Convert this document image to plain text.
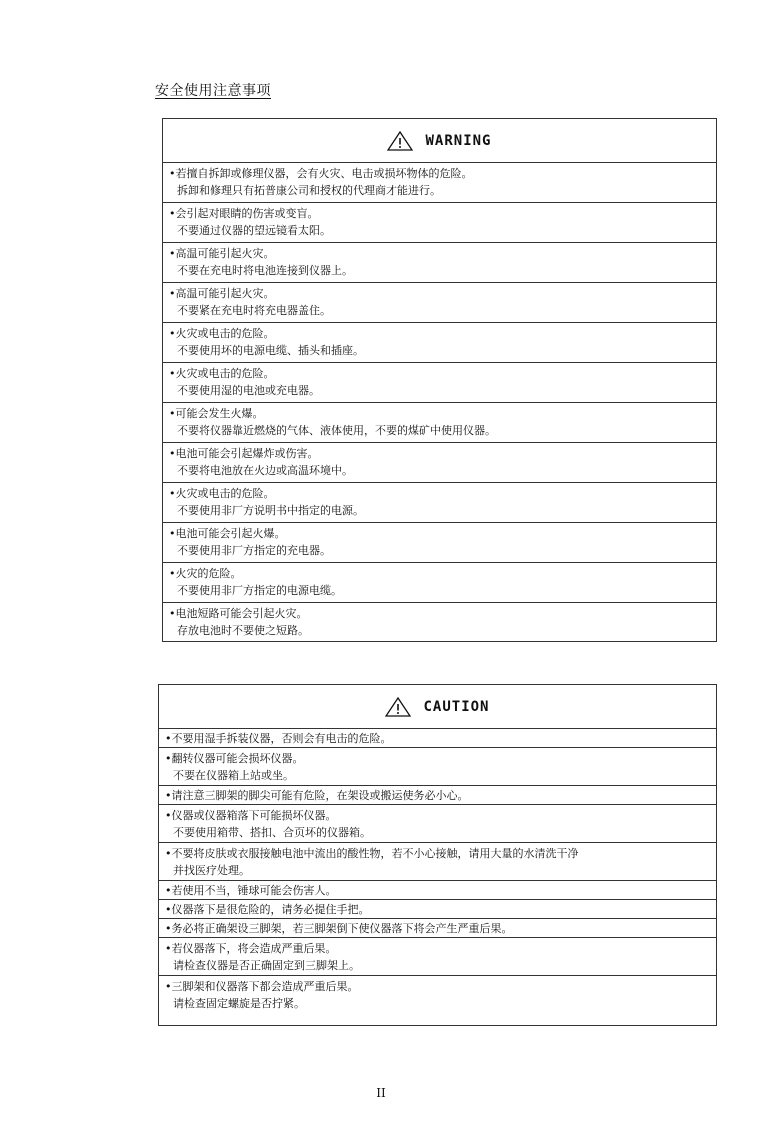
安全使用注意事项
WARNING
•若擅自拆卸或修理仪器，会有火灾、电击或损坏物体的危险。
拆卸和修理只有拓普康公司和授权的代理商才能进行。
•会引起对眼睛的伤害或变盲。
不要通过仪器的望远镜看太阳。
•高温可能引起火灾。
不要在充电时将电池连接到仪器上。
•高温可能引起火灾。
不要紧在充电时将充电器盖住。
•火灾或电击的危险。
不要使用坏的电源电缆、插头和插座。
•火灾或电击的危险。
不要使用湿的电池或充电器。
•可能会发生火爆。
不要将仪器靠近燃烧的气体、液体使用，不要的煤矿中使用仪器。
•电池可能会引起爆炸或伤害。
不要将电池放在火边或高温环境中。
•火灾或电击的危险。
不要使用非厂方说明书中指定的电源。
•电池可能会引起火爆。
不要使用非厂方指定的充电器。
•火灾的危险。
不要使用非厂方指定的电源电缆。
•电池短路可能会引起火灾。
存放电池时不要使之短路。
CAUTION
•不要用湿手拆装仪器，否则会有电击的危险。
•翻转仪器可能会损坏仪器。
不要在仪器箱上站或坐。
•请注意三脚架的脚尖可能有危险，在架设或搬运使务必小心。
•仪器或仪器箱落下可能损坏仪器。
不要使用箱带、搭扣、合页坏的仪器箱。
•不要将皮肤或衣服接触电池中流出的酸性物，若不小心接触，请用大量的水清洗干净
并找医疗处理。
•若使用不当，锤球可能会伤害人。
•仪器落下是很危险的，请务必提住手把。
•务必将正确架设三脚架，若三脚架倒下使仪器落下将会产生严重后果。
•若仪器落下，将会造成严重后果。
请检查仪器是否正确固定到三脚架上。
•三脚架和仪器落下都会造成严重后果。
请检查固定螺旋是否拧紧。
II
